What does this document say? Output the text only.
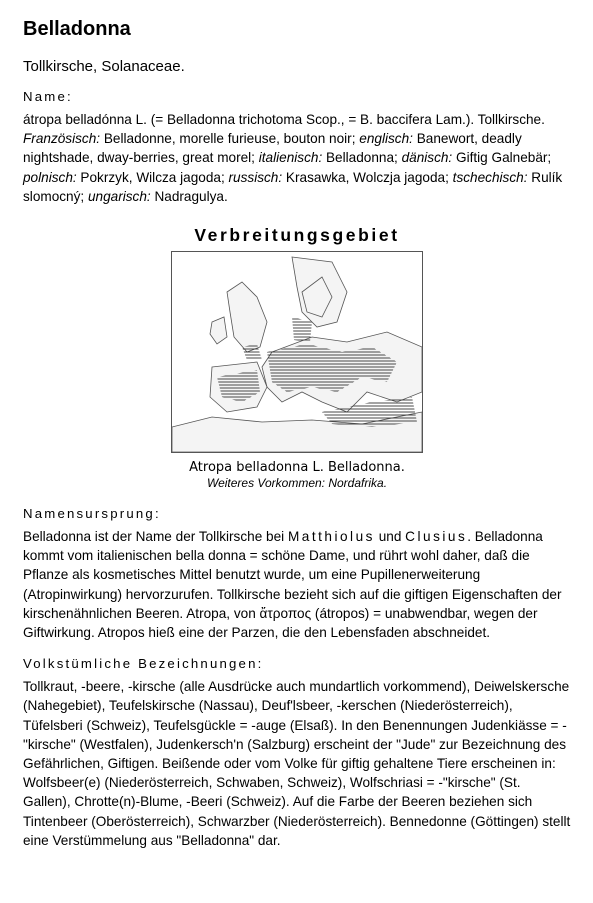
Belladonna
Tollkirsche, Solanaceae.
Name:

átropa belladónna L. (= Belladonna trichotoma Scop., = B. baccifera Lam.). Tollkirsche. Französisch: Belladonne, morelle furieuse, bouton noir; englisch: Banewort, deadly nightshade, dway-berries, great morel; italienisch: Belladonna; dänisch: Giftig Galnebär; polnisch: Pokrzyk, Wilcza jagoda; russisch: Krasawka, Wolczja jagoda; tschechisch: Rulík slomocný; ungarisch: Nadragulya.

Verbreitungsgebiet
Atropa belladonna L. Belladonna.
Weiteres Vorkommen: Nordafrika.
Namensursprung:

Belladonna ist der Name der Tollkirsche bei Matthiolus und Clusius. Belladonna kommt vom italienischen bella donna = schöne Dame, und rührt wohl daher, daß die Pflanze als kosmetisches Mittel benutzt wurde, um eine Pupillenerweiterung (Atropinwirkung) hervorzurufen. Tollkirsche bezieht sich auf die giftigen Eigenschaften der kirschenähnlichen Beeren. Atropa, von ἄτροπος (átropos) = unabwendbar, wegen der Giftwirkung. Atropos hieß eine der Parzen, die den Lebensfaden abschneidet.

Volkstümliche Bezeichnungen:

Tollkraut, -beere, -kirsche (alle Ausdrücke auch mundartlich vorkommend), Deiwelskersche (Nahegebiet), Teufelskirsche (Nassau), Deuf'lsbeer, -kerschen (Niederösterreich), Tüfelsberi (Schweiz), Teufelsgückle = -auge (Elsaß). In den Benennungen Judenkiässe = -"kirsche" (Westfalen), Judenkersch'n (Salzburg) erscheint der "Jude" zur Bezeichnung des Gefährlichen, Giftigen. Beißende oder vom Volke für giftig gehaltene Tiere erscheinen in: Wolfsbeer(e) (Niederösterreich, Schwaben, Schweiz), Wolfschriasi = -"kirsche" (St. Gallen), Chrotte(n)-Blume, -Beeri (Schweiz). Auf die Farbe der Beeren beziehen sich Tintenbeer (Oberösterreich), Schwarzber (Niederösterreich). Bennedonne (Göttingen) stellt eine Verstümmelung aus "Belladonna" dar.
